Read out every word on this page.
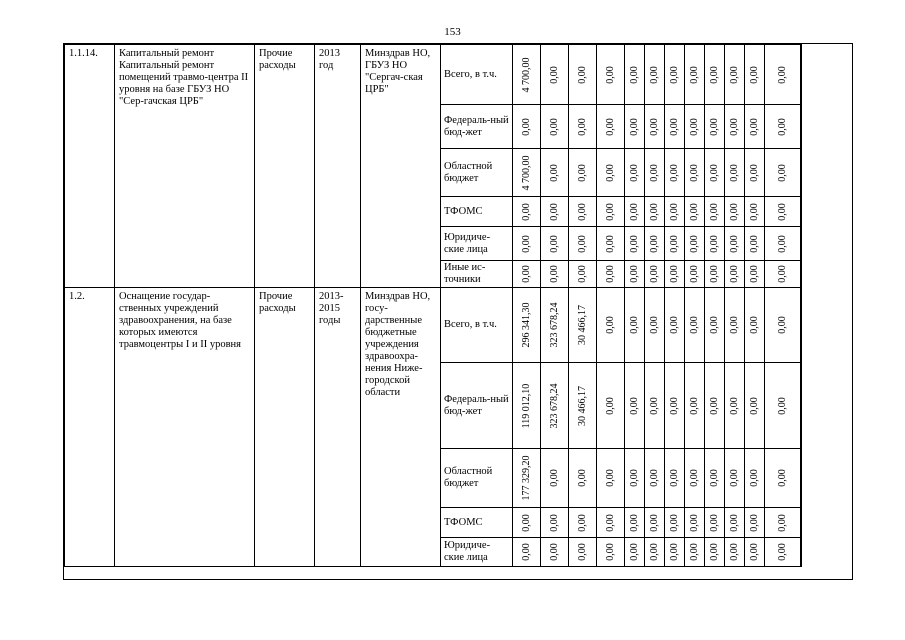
153
1.1.14.	Капитальный ремонт Капитальный ремонт помещений травмо-центра II уровня на базе ГБУЗ НО "Сер-гачская ЦРБ"	Прочие расходы	2013 год	Минздрав НО, ГБУЗ НО "Сергач-ская ЦРБ"	Всего, в т.ч.	4 700,00	0,00	0,00	0,00	0,00	0,00	0,00	0,00	0,00	0,00	0,00	0,00

					Федераль-ный бюд-жет	0,00	0,00	0,00	0,00	0,00	0,00	0,00	0,00	0,00	0,00	0,00	0,00

					Областной бюджет	4 700,00	0,00	0,00	0,00	0,00	0,00	0,00	0,00	0,00	0,00	0,00	0,00

					ТФОМС	0,00	0,00	0,00	0,00	0,00	0,00	0,00	0,00	0,00	0,00	0,00	0,00

					Юридиче-ские лица	0,00	0,00	0,00	0,00	0,00	0,00	0,00	0,00	0,00	0,00	0,00	0,00

					Иные ис-точники	0,00	0,00	0,00	0,00	0,00	0,00	0,00	0,00	0,00	0,00	0,00	0,00

1.2.	Оснащение государ-ственных учреждений здравоохранения, на базе которых имеются травмоцентры I и II уровня	Прочие расходы	2013-2015 годы	Минздрав НО, госу-дарственные бюджетные учреждения здравоохра-нения Ниже-городской области	Всего, в т.ч.	296 341,30	323 678,24	30 466,17	0,00	0,00	0,00	0,00	0,00	0,00	0,00	0,00	0,00

					Федераль-ный бюд-жет	119 012,10	323 678,24	30 466,17	0,00	0,00	0,00	0,00	0,00	0,00	0,00	0,00	0,00

					Областной бюджет	177 329,20	0,00	0,00	0,00	0,00	0,00	0,00	0,00	0,00	0,00	0,00	0,00

					ТФОМС	0,00	0,00	0,00	0,00	0,00	0,00	0,00	0,00	0,00	0,00	0,00	0,00

					Юридиче-ские лица	0,00	0,00	0,00	0,00	0,00	0,00	0,00	0,00	0,00	0,00	0,00	0,00
